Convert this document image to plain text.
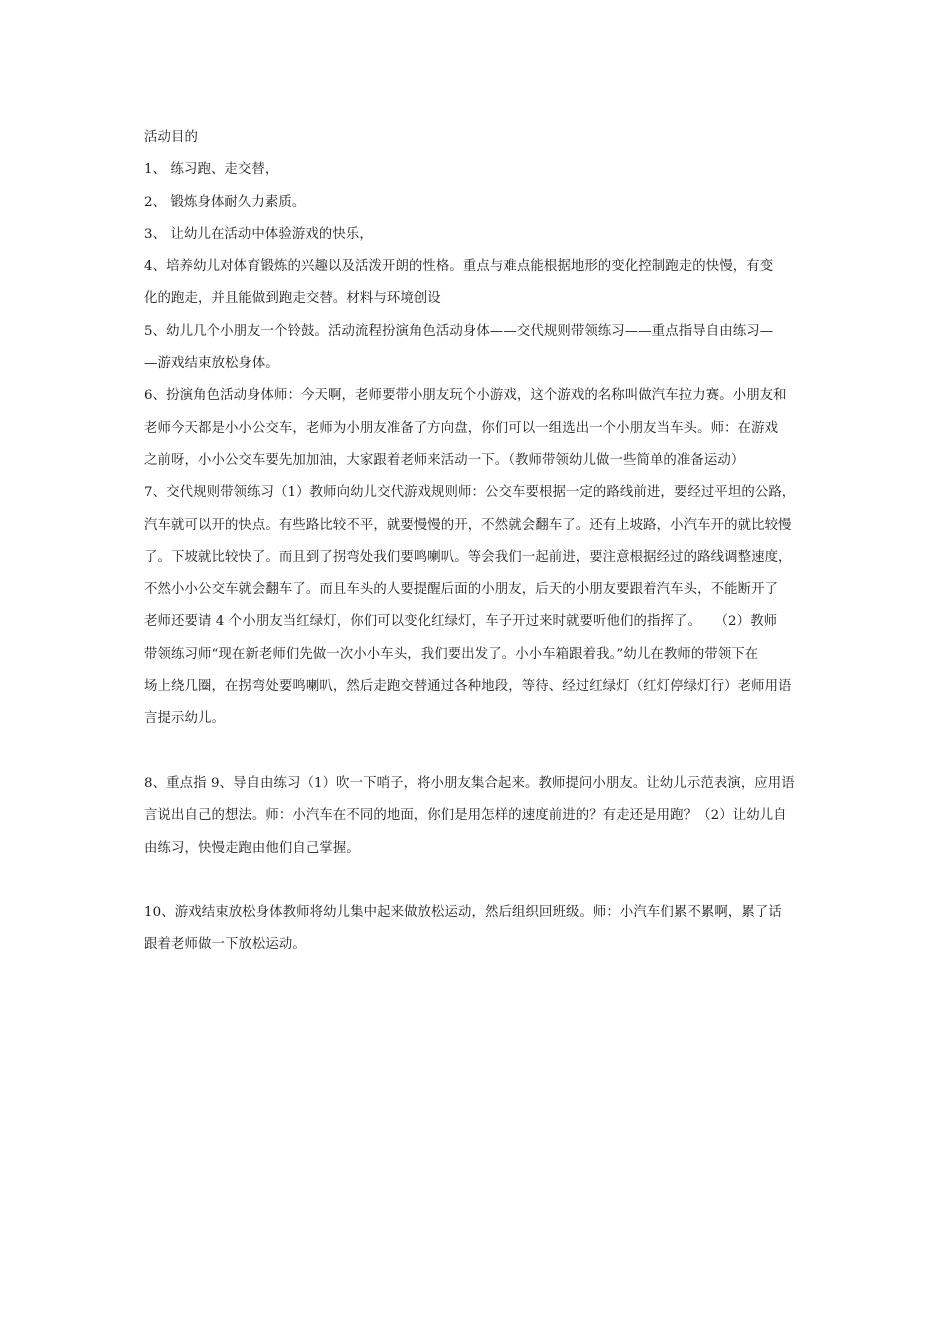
活动目的
1、 练习跑、走交替，
2、 锻炼身体耐久力素质。
3、 让幼儿在活动中体验游戏的快乐，
4、培养幼儿对体育锻炼的兴趣以及活泼开朗的性格。重点与难点能根据地形的变化控制跑走的快慢，有变
化的跑走，并且能做到跑走交替。材料与环境创设
5、幼儿几个小朋友一个铃鼓。活动流程扮演角色活动身体——交代规则带领练习——重点指导自由练习—
—游戏结束放松身体。
6、扮演角色活动身体师：今天啊，老师要带小朋友玩个小游戏，这个游戏的名称叫做汽车拉力赛。小朋友和
老师今天都是小小公交车，老师为小朋友准备了方向盘，你们可以一组选出一个小朋友当车头。师：在游戏
之前呀，小小公交车要先加加油，大家跟着老师来活动一下。（教师带领幼儿做一些简单的准备运动）
7、交代规则带领练习（1）教师向幼儿交代游戏规则师：公交车要根据一定的路线前进，要经过平坦的公路，
汽车就可以开的快点。有些路比较不平，就要慢慢的开，不然就会翻车了。还有上坡路，小汽车开的就比较慢
了。下坡就比较快了。而且到了拐弯处我们要鸣喇叭。等会我们一起前进，要注意根据经过的路线调整速度，
不然小小公交车就会翻车了。而且车头的人要提醒后面的小朋友，后天的小朋友要跟着汽车头，不能断开了
老师还要请 4 个小朋友当红绿灯，你们可以变化红绿灯，车子开过来时就要听他们的指挥了。　　（2）教师
带领练习师“现在新老师们先做一次小小车头，我们要出发了。小小车箱跟着我。”幼儿在教师的带领下在
场上绕几圈，在拐弯处要鸣喇叭，然后走跑交替通过各种地段，等待、经过红绿灯（红灯停绿灯行）老师用语
言提示幼儿。
8、重点指 9、导自由练习（1）吹一下哨子，将小朋友集合起来。教师提问小朋友。让幼儿示范表演，应用语
言说出自己的想法。师：小汽车在不同的地面，你们是用怎样的速度前进的？有走还是用跑？（2）让幼儿自
由练习，快慢走跑由他们自己掌握。
10、游戏结束放松身体教师将幼儿集中起来做放松运动，然后组织回班级。师：小汽车们累不累啊，累了话
跟着老师做一下放松运动。
